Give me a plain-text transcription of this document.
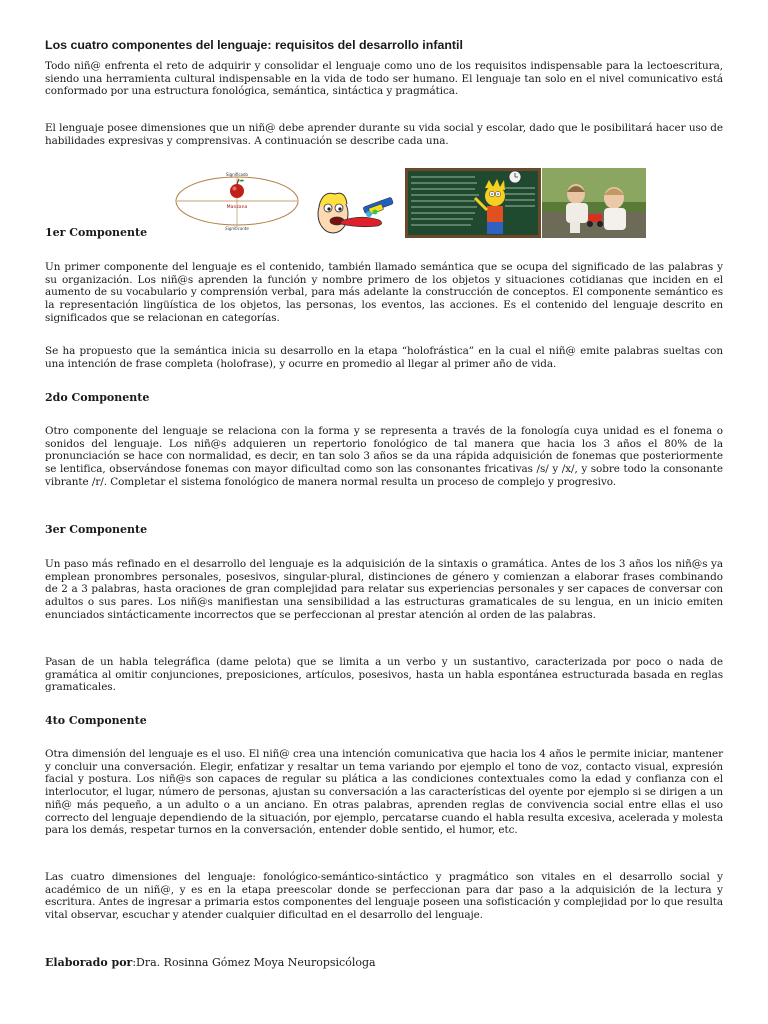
Los cuatro componentes del lenguaje: requisitos del desarrollo infantil
Todo niñ@ enfrenta el reto de adquirir y consolidar el lenguaje como uno de los requisitos indispensable para la lectoescritura, siendo una herramienta cultural indispensable en la vida de todo ser humano. El lenguaje tan solo en el nivel comunicativo está conformado por una estructura fonológica, semántica, sintáctica y pragmática.
El lenguaje posee dimensiones que un niñ@ debe aprender durante su vida social y escolar, dado que le posibilitará hacer uso de habilidades expresivas y comprensivas. A continuación se describe cada una.
Significado
Manzana
Significante
1er Componente
Un primer componente del lenguaje es el contenido, también llamado semántica que se ocupa del significado de las palabras y su organización. Los niñ@s aprenden la función y nombre primero de los objetos y situaciones cotidianas que inciden en el aumento de su vocabulario y comprensión verbal, para más adelante la construcción de conceptos. El componente semántico es la representación lingüística de los objetos, las personas, los eventos, las acciones. Es el contenido del lenguaje descrito en significados que se relacionan en categorías.
Se ha propuesto que la semántica inicia su desarrollo en la etapa “holofrástica” en la cual el niñ@ emite palabras sueltas con una intención de frase completa (holofrase), y ocurre en promedio al llegar al primer año de vida.
2do Componente
Otro componente del lenguaje se relaciona con la forma y se representa a través de la fonología cuya unidad es el fonema o sonidos del lenguaje. Los niñ@s adquieren un repertorio fonológico de tal manera que hacia los 3 años el 80% de la pronunciación se hace con normalidad, es decir, en tan solo 3 años se da una rápida adquisición de fonemas que posteriormente se lentifica, observándose fonemas con mayor dificultad como son las consonantes fricativas /s/ y /x/, y sobre todo la consonante vibrante /r/. Completar el sistema fonológico de manera normal resulta un proceso de complejo y progresivo.
3er Componente
Un paso más refinado en el desarrollo del lenguaje es la adquisición de la sintaxis o gramática. Antes de los 3 años los niñ@s ya emplean pronombres personales, posesivos, singular-plural, distinciones de género y comienzan a elaborar frases combinando de 2 a 3 palabras, hasta oraciones de gran complejidad para relatar sus experiencias personales y ser capaces de conversar con adultos o sus pares. Los niñ@s manifiestan una sensibilidad a las estructuras gramaticales de su lengua, en un inicio emiten enunciados sintácticamente incorrectos que se perfeccionan al prestar atención al orden de las palabras.
Pasan de un habla telegráfica (dame pelota) que se limita a un verbo y un sustantivo, caracterizada por poco o nada de gramática al omitir conjunciones, preposiciones, artículos, posesivos, hasta un habla espontánea estructurada basada en reglas gramaticales.
4to Componente
Otra dimensión del lenguaje es el uso. El niñ@ crea una intención comunicativa que hacia los 4 años le permite iniciar, mantener y concluir una conversación. Elegir, enfatizar y resaltar un tema variando por ejemplo el tono de voz, contacto visual, expresión facial y postura. Los niñ@s son capaces de regular su plática a las condiciones contextuales como la edad y confianza con el interlocutor, el lugar, número de personas, ajustan su conversación a las características del oyente por ejemplo si se dirigen a un niñ@ más pequeño, a un adulto o a un anciano. En otras palabras, aprenden reglas de convivencia social entre ellas el uso correcto del lenguaje dependiendo de la situación, por ejemplo, percatarse cuando el habla resulta excesiva, acelerada y molesta para los demás, respetar turnos en la conversación, entender doble sentido, el humor, etc.
Las cuatro dimensiones del lenguaje: fonológico-semántico-sintáctico y pragmático son vitales en el desarrollo social y académico de un niñ@, y es en la etapa preescolar donde se perfeccionan para dar paso a la adquisición de la lectura y escritura. Antes de ingresar a primaria estos componentes del lenguaje poseen una sofisticación y complejidad por lo que resulta vital observar, escuchar y atender cualquier dificultad en el desarrollo del lenguaje.
Elaborado por:Dra. Rosinna Gómez Moya Neuropsicóloga
